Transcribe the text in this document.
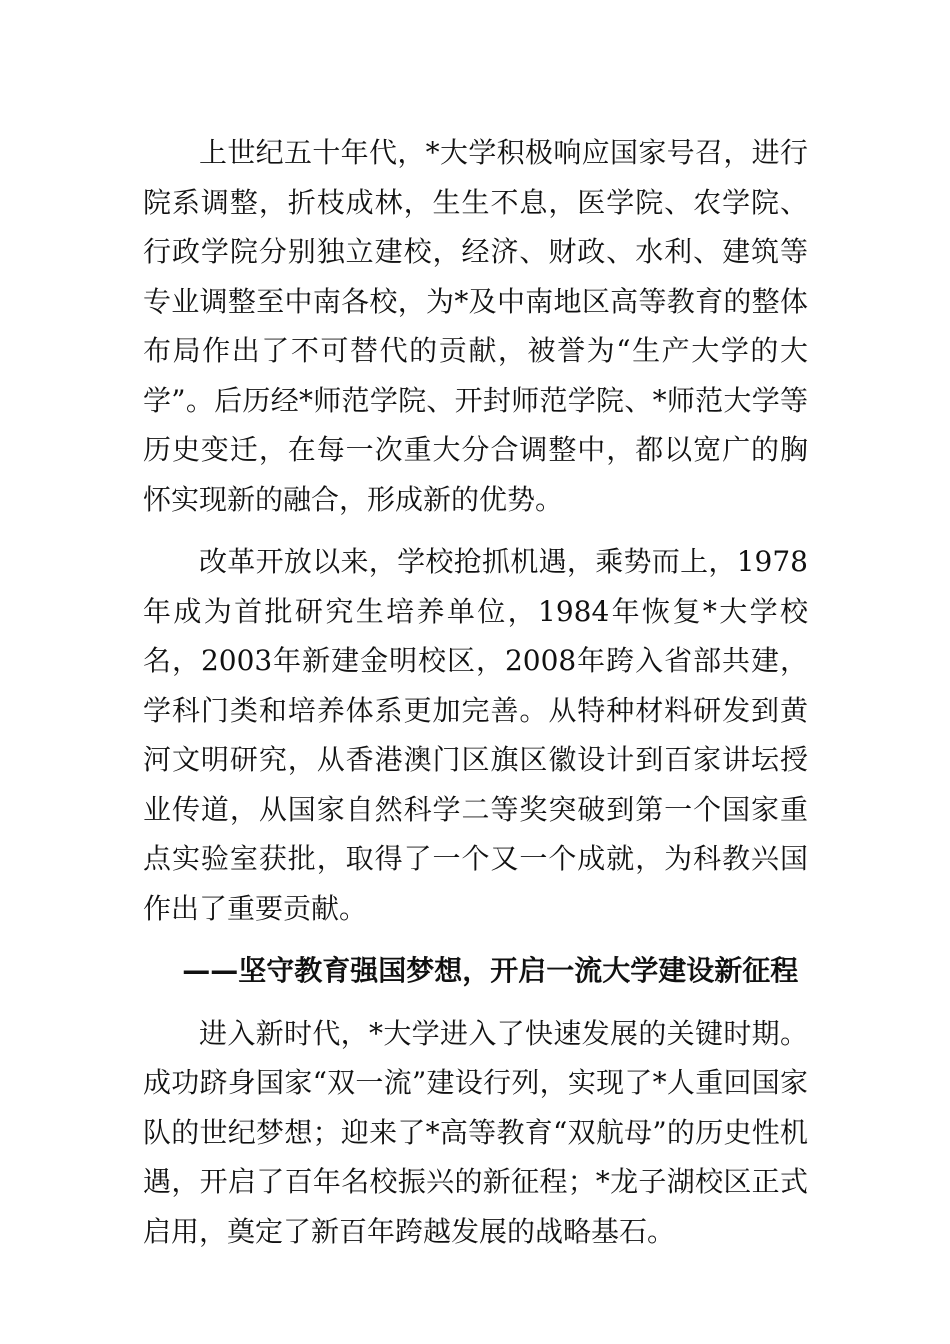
上世纪五十年代，*大学积极响应国家号召，进行院系调整，折枝成林，生生不息，医学院、农学院、行政学院分别独立建校，经济、财政、水利、建筑等专业调整至中南各校，为*及中南地区高等教育的整体布局作出了不可替代的贡献，被誉为“生产大学的大学”。后历经*师范学院、开封师范学院、*师范大学等历史变迁，在每一次重大分合调整中，都以宽广的胸怀实现新的融合，形成新的优势。

改革开放以来，学校抢抓机遇，乘势而上，1978年成为首批研究生培养单位，1984年恢复*大学校名，2003年新建金明校区，2008年跨入省部共建，学科门类和培养体系更加完善。从特种材料研发到黄河文明研究，从香港澳门区旗区徽设计到百家讲坛授业传道，从国家自然科学二等奖突破到第一个国家重点实验室获批，取得了一个又一个成就，为科教兴国作出了重要贡献。

——坚守教育强国梦想，开启一流大学建设新征程

进入新时代，*大学进入了快速发展的关键时期。成功跻身国家“双一流”建设行列，实现了*人重回国家队的世纪梦想；迎来了*高等教育“双航母”的历史性机遇，开启了百年名校振兴的新征程；*龙子湖校区正式启用，奠定了新百年跨越发展的战略基石。
